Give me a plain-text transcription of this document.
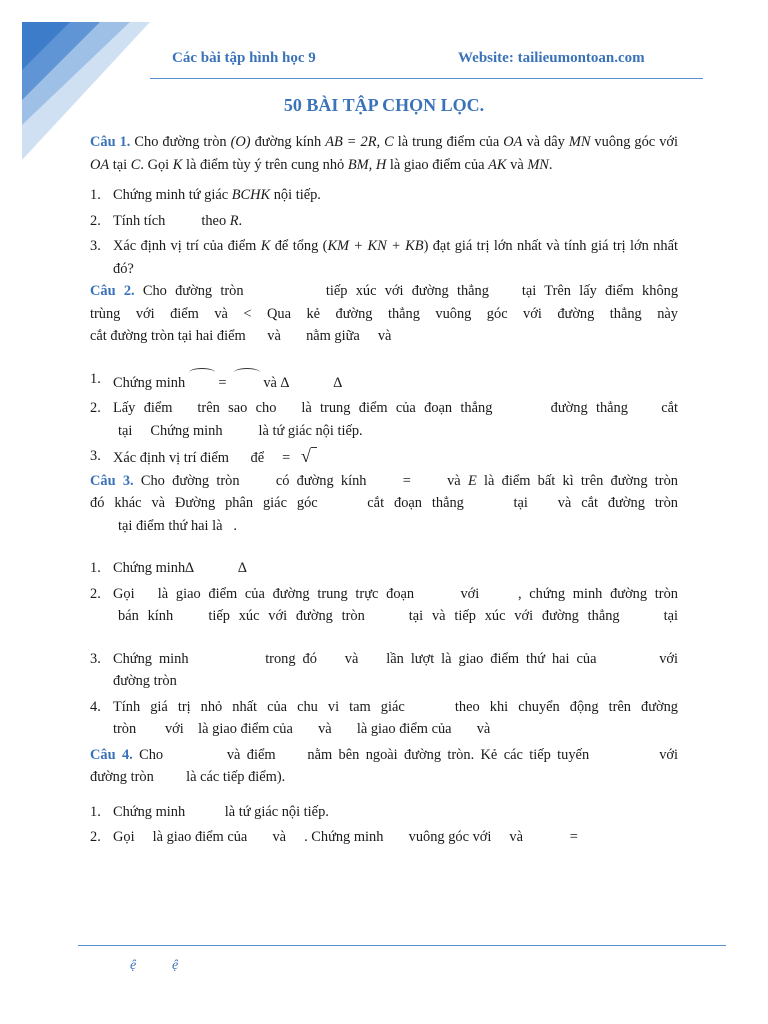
Các bài tập hình học 9	Website: tailieumontoan.com
50 BÀI TẬP CHỌN LỌC.

Câu 1. Cho đường tròn (O) đường kính AB = 2R, C là trung điểm của OA và dây MN vuông góc với OA tại C. Gọi K là điểm tùy ý trên cung nhỏ BM, H là giao điểm của AK và MN.

1. Chứng minh tứ giác BCHK nội tiếp.

2. Tính tích	theo R.

3. Xác định vị trí của điểm K để tổng (KM + KN + KB) đạt giá trị lớn nhất và tính giá trị lớn nhất đó?

Câu 2. Cho đường tròn	tiếp xúc với đường thẳng tại Trên lấy điểm không

trùng với điểm và < Qua kẻ đường thẳng vuông góc với đường thẳng này

cắt đường tròn tại hai điểm và nằm giữa và

1. Chứng minh =	và ∆	∆

2. Lấy điểm trên sao cho là trung điểm của đoạn thẳng	đường thẳng cắt

tại Chứng minh là tứ giác nội tiếp.

3. Xác định vị trí điểm để = √

Câu 3. Cho đường tròn	có đường kính	=	và E là điểm bất kì trên đường tròn

đó khác và Đường phân giác góc	cắt đoạn thẳng	tại và cắt đường tròn

tại điểm thứ hai là .

1. Chứng minh∆	∆

2. Gọi là giao điểm của đường trung trực đoạn	với	, chứng minh đường tròn

bán kính tiếp xúc với đường tròn	tại và tiếp xúc với đường thẳng	tại

3. Chứng minh	trong đó và lần lượt là giao điểm thứ hai của	với

đường tròn

4. Tính giá trị nhỏ nhất của chu vi tam giác	theo khi chuyển động trên đường

tròn với là giao điểm của và là giao điểm của và

Câu 4. Cho	và điểm nằm bên ngoài đường tròn. Kẻ các tiếp tuyến	với

đường tròn là các tiếp điểm).

1. Chứng minh	là tứ giác nội tiếp.

2. Gọi là giao điểm của và . Chứng minh vuông góc với và	=

ệ	ệ
